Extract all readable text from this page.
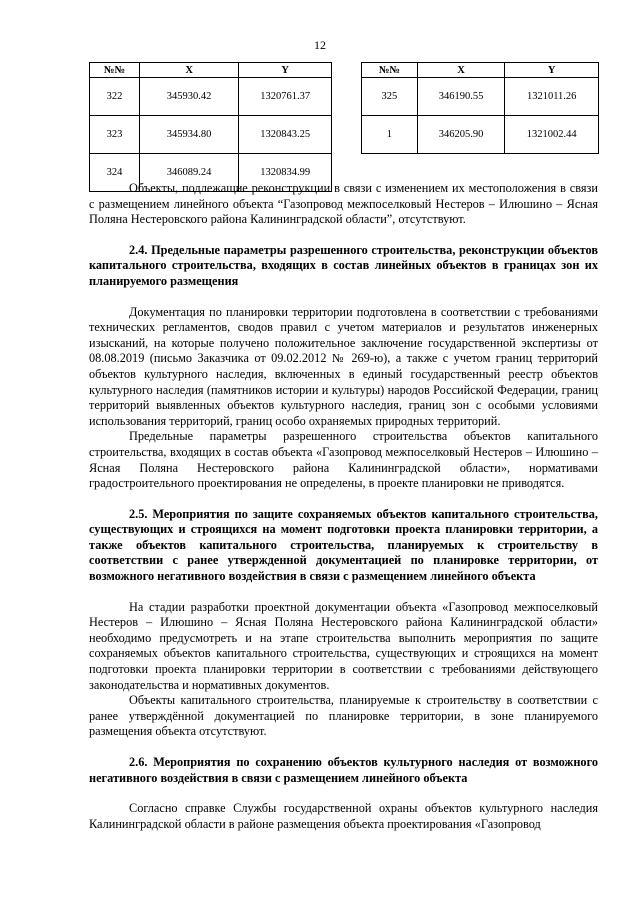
12
№№	X	Y
322	345930.42	1320761.37
323	345934.80	1320843.25
324	346089.24	1320834.99
№№	X	Y
325	346190.55	1321011.26
1	346205.90	1321002.44

Объекты, подлежащие реконструкции в связи с изменением их местоположения в связи с размещением линейного объекта “Газопровод межпоселковый Нестеров – Илюшино – Ясная Поляна Нестеровского района Калининградской области”, отсутствуют.

2.4. Предельные параметры разрешенного строительства, реконструкции объектов капитального строительства, входящих в состав линейных объектов в границах зон их планируемого размещения

Документация по планировки территории подготовлена в соответствии с требованиями технических регламентов, сводов правил с учетом материалов и результатов инженерных изысканий, на которые получено положительное заключение государственной экспертизы от 08.08.2019 (письмо Заказчика от 09.02.2012 № 269-ю), а также с учетом границ территорий объектов культурного наследия, включенных в единый государственный реестр объектов культурного наследия (памятников истории и культуры) народов Российской Федерации, границ территорий выявленных объектов культурного наследия, границ зон с особыми условиями использования территорий, границ особо охраняемых природных территорий.

Предельные параметры разрешенного строительства объектов капитального строительства, входящих в состав объекта «Газопровод межпоселковый Нестеров – Илюшино – Ясная Поляна Нестеровского района Калининградской области», нормативами градостроительного проектирования не определены, в проекте планировки не приводятся.

2.5. Мероприятия по защите сохраняемых объектов капитального строительства, существующих и строящихся на момент подготовки проекта планировки территории, а также объектов капитального строительства, планируемых к строительству в соответствии с ранее утвержденной документацией по планировке территории, от возможного негативного воздействия в связи с размещением линейного объекта

На стадии разработки проектной документации объекта «Газопровод межпоселковый Нестеров – Илюшино – Ясная Поляна Нестеровского района Калининградской области» необходимо предусмотреть и на этапе строительства выполнить мероприятия по защите сохраняемых объектов капитального строительства, существующих и строящихся на момент подготовки проекта планировки территории в соответствии с требованиями действующего законодательства и нормативных документов.

Объекты капитального строительства, планируемые к строительству в соответствии с ранее утверждённой документацией по планировке территории, в зоне планируемого размещения объекта отсутствуют.

2.6. Мероприятия по сохранению объектов культурного наследия от возможного негативного воздействия в связи с размещением линейного объекта

Согласно справке Службы государственной охраны объектов культурного наследия Калининградской области в районе размещения объекта проектирования «Газопровод
